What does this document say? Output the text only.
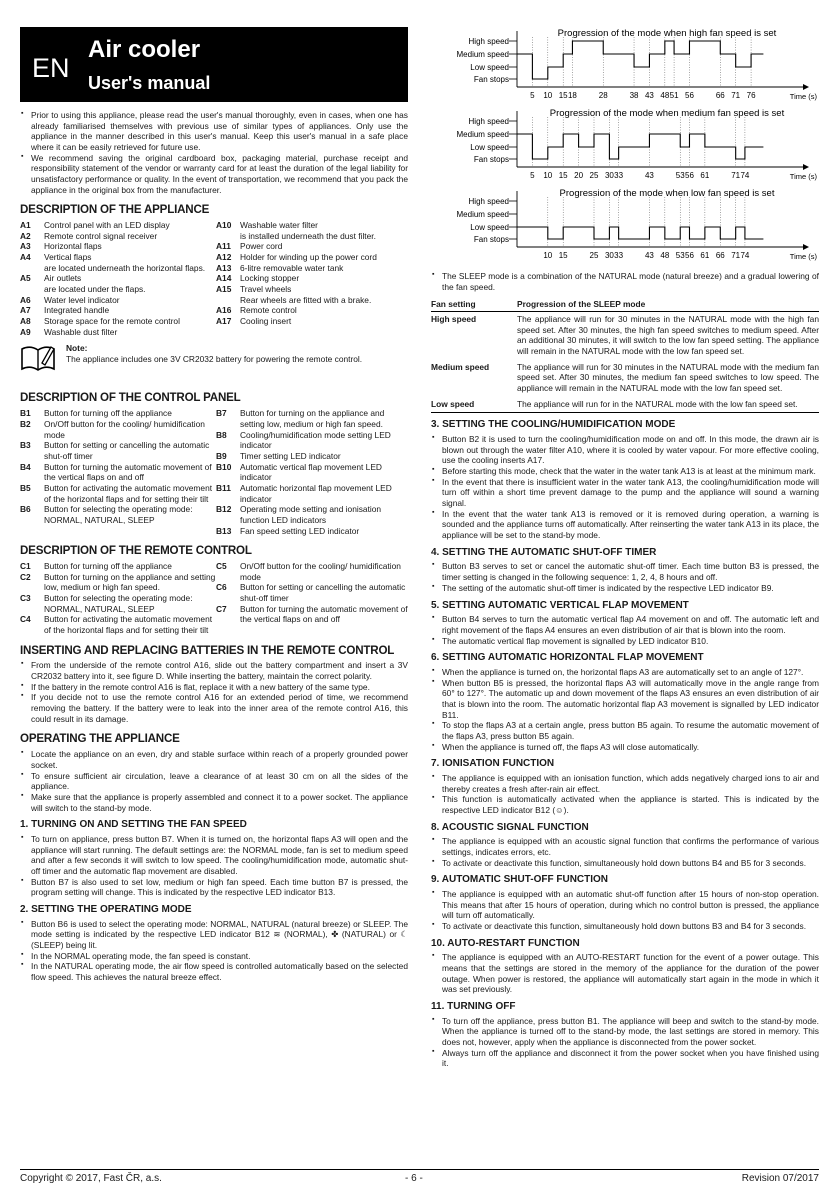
EN
Air cooler
User's manual
▪ Prior to using this appliance, please read the user's manual thoroughly, even in cases, when one has already familiarised themselves with previous use of similar types of appliances. Only use the appliance in the manner described in this user's manual. Keep this user's manual in a safe place where it can be easily retrieved for future use.
▪ We recommend saving the original cardboard box, packaging material, purchase receipt and responsibility statement of the vendor or warranty card for at least the duration of the legal liability for unsatisfactory performance or quality. In the event of transportation, we recommend that you pack the appliance in the original box from the manufacturer.
DESCRIPTION OF THE APPLIANCE
A1	Control panel with an LED display
A2	Remote control signal receiver
A3	Horizontal flaps
A4	Vertical flaps
are located underneath the horizontal flaps.
A5	Air outlets
are located under the flaps.
A6	Water level indicator
A7	Integrated handle
A8	Storage space for the remote control
A9	Washable dust filter
A10	Washable water filter
is installed underneath the dust filter.
A11	Power cord
A12	Holder for winding up the power cord
A13	6-litre removable water tank
A14	Locking stopper
A15	Travel wheels
Rear wheels are fitted with a brake.
A16	Remote control
A17	Cooling insert
Note:
The appliance includes one 3V CR2032 battery for powering the remote control.
DESCRIPTION OF THE CONTROL PANEL
B1	Button for turning off the appliance
B2	On/Off button for the cooling/ humidification mode
B3	Button for setting or cancelling the automatic shut-off timer
B4	Button for turning the automatic movement of the vertical flaps on and off
B5	Button for activating the automatic movement of the horizontal flaps and for setting their tilt
B6	Button for selecting the operating mode: NORMAL, NATURAL, SLEEP
B7	Button for turning on the appliance and setting low, medium or high fan speed.
B8	Cooling/humidification mode setting LED indicator
B9	Timer setting LED indicator
B10	Automatic vertical flap movement LED indicator
B11	Automatic horizontal flap movement LED indicator
B12	Operating mode setting and ionisation function LED indicators
B13	Fan speed setting LED indicator
DESCRIPTION OF THE REMOTE CONTROL
C1	Button for turning off the appliance
C2	Button for turning on the appliance and setting low, medium or high fan speed.
C3	Button for selecting the operating mode: NORMAL, NATURAL, SLEEP
C4	Button for activating the automatic movement of the horizontal flaps and for setting their tilt
C5	On/Off button for the cooling/ humidification mode
C6	Button for setting or cancelling the automatic shut-off timer
C7	Button for turning the automatic movement of the vertical flaps on and off
INSERTING AND REPLACING BATTERIES IN THE REMOTE CONTROL
▪ From the underside of the remote control A16, slide out the battery compartment and insert a 3V CR2032 battery into it, see figure D. While inserting the battery, maintain the correct polarity.
▪ If the battery in the remote control A16 is flat, replace it with a new battery of the same type.
▪ If you decide not to use the remote control A16 for an extended period of time, we recommend removing the battery. If the battery were to leak into the inner area of the remote control A16, this could result in its damage.
OPERATING THE APPLIANCE
▪ Locate the appliance on an even, dry and stable surface within reach of a properly grounded power socket.
▪ To ensure sufficient air circulation, leave a clearance of at least 30 cm on all the sides of the appliance.
▪ Make sure that the appliance is properly assembled and connect it to a power socket. The appliance will switch to the stand-by mode.
1. TURNING ON AND SETTING THE FAN SPEED
▪ To turn on appliance, press button B7. When it is turned on, the horizontal flaps A3 will open and the appliance will start running. The default settings are: the NORMAL mode, fan is set to medium speed and after a few seconds it will switch to low speed. The cooling/humidification mode, automatic shut-off timer and the automatic flap movement are disabled.
▪ Button B7 is also used to set low, medium or high fan speed. Each time button B7 is pressed, the program setting will change. This is indicated by the respective LED indicator B13.
2. SETTING THE OPERATING MODE
▪ Button B6 is used to select the operating mode: NORMAL, NATURAL (natural breeze) or SLEEP. The mode setting is indicated by the respective LED indicator B12 ≋ (NORMAL), ✤ (NATURAL) or ☾ (SLEEP) being lit.
▪ In the NORMAL operating mode, the fan speed is constant.
▪ In the NATURAL operating mode, the air flow speed is controlled automatically based on the selected flow speed. This achieves the natural breeze effect.
Progression of the mode when high fan speed is set
High speed
Medium speed
Low speed
Fan stops
5 10 15 18	28	38 43 48 51 56	66 71 76	Time (s)
Progression of the mode when medium fan speed is set
High speed
Medium speed
Low speed
Fan stops
5 10 15 20 25 30 33	43	53 56 61	71 74	Time (s)
Progression of the mode when low fan speed is set
High speed
Medium speed
Low speed
Fan stops
10 15	25 30 33	43 48 53 56 61 66 71 74	Time (s)
▪ The SLEEP mode is a combination of the NATURAL mode (natural breeze) and a gradual lowering of the fan speed.
Fan setting	Progression of the SLEEP mode
High speed	The appliance will run for 30 minutes in the NATURAL mode with the high fan speed set. After 30 minutes, the high fan speed switches to medium speed. After an additional 30 minutes, it will switch to the low fan speed setting. The appliance will remain in the NATURAL mode with the low fan speed set.
Medium speed	The appliance will run for 30 minutes in the NATURAL mode with the medium fan speed set. After 30 minutes, the medium fan speed switches to low speed. The appliance will remain in the NATURAL mode with the low fan speed set.
Low speed	The appliance will run for in the NATURAL mode with the low fan speed set.
3. SETTING THE COOLING/HUMIDIFICATION MODE
▪ Button B2 it is used to turn the cooling/humidification mode on and off. In this mode, the drawn air is blown out through the water filter A10, where it is cooled by water vapour. For more effective cooling, use the cooling inserts A17.
▪ Before starting this mode, check that the water in the water tank A13 is at least at the minimum mark.
▪ In the event that there is insufficient water in the water tank A13, the cooling/humidification mode will turn off within a short time prevent damage to the pump and the appliance will sound a warning signal.
▪ In the event that the water tank A13 is removed or it is removed during operation, a warning is sounded and the appliance turns off automatically. After reinserting the water tank A13 in its place, the appliance will be set to the stand-by mode.
4. SETTING THE AUTOMATIC SHUT-OFF TIMER
▪ Button B3 serves to set or cancel the automatic shut-off timer. Each time button B3 is pressed, the timer setting is changed in the following sequence: 1, 2, 4, 8 hours and off.
▪ The setting of the automatic shut-off timer is indicated by the respective LED indicator B9.
5. SETTING AUTOMATIC VERTICAL FLAP MOVEMENT
▪ Button B4 serves to turn the automatic vertical flap A4 movement on and off. The automatic left and right movement of the flaps A4 ensures an even distribution of air that is blown into the room.
▪ The automatic vertical flap movement is signalled by LED indicator B10.
6. SETTING AUTOMATIC HORIZONTAL FLAP MOVEMENT
▪ When the appliance is turned on, the horizontal flaps A3 are automatically set to an angle of 127°.
▪ When button B5 is pressed, the horizontal flaps A3 will automatically move in the angle range from 60° to 127°. The automatic up and down movement of the flaps A3 ensures an even distribution of air that is blown into the room. The automatic horizontal flap A3 movement is signalled by LED indicator B11.
▪ To stop the flaps A3 at a certain angle, press button B5 again. To resume the automatic movement of the flaps A3, press button B5 again.
▪ When the appliance is turned off, the flaps A3 will close automatically.
7. IONISATION FUNCTION
▪ The appliance is equipped with an ionisation function, which adds negatively charged ions to air and thereby creates a fresh after-rain air effect.
▪ This function is automatically activated when the appliance is started. This is indicated by the respective LED indicator B12 (☺).
8. ACOUSTIC SIGNAL FUNCTION
▪ The appliance is equipped with an acoustic signal function that confirms the performance of various settings, indicates errors, etc.
▪ To activate or deactivate this function, simultaneously hold down buttons B4 and B5 for 3 seconds.
9. AUTOMATIC SHUT-OFF FUNCTION
▪ The appliance is equipped with an automatic shut-off function after 15 hours of non-stop operation. This means that after 15 hours of operation, during which no control button is pressed, the appliance will turn off automatically.
▪ To activate or deactivate this function, simultaneously hold down buttons B3 and B4 for 3 seconds.
10. AUTO-RESTART FUNCTION
▪ The appliance is equipped with an AUTO-RESTART function for the event of a power outage. This means that the settings are stored in the memory of the appliance for the duration of the power outage. When power is restored, the appliance will automatically start again in the mode in which it was set previously.
11. TURNING OFF
▪ To turn off the appliance, press button B1. The appliance will beep and switch to the stand-by mode. When the appliance is turned off to the stand-by mode, the last settings are stored in memory. This does not, however, apply when the appliance is disconnected from the power socket.
▪ Always turn off the appliance and disconnect it from the power socket when you have finished using it.
Copyright © 2017, Fast ČR, a.s.	- 6 -	Revision 07/2017
